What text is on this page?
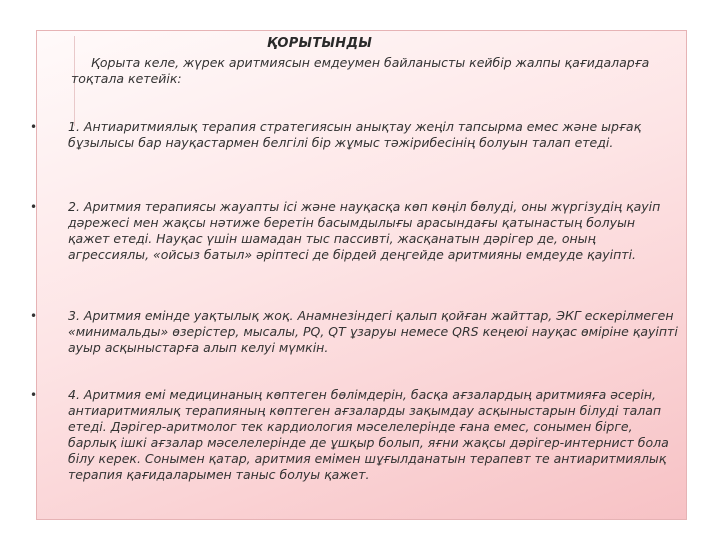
ҚОРЫТЫНДЫ
Қорыта келе, жүрек аритмиясын емдеумен байланысты кейбір жалпы қағидаларға тоқтала кетейік:
• 1. Антиаритмиялық терапия стратегиясын анықтау жеңіл тапсырма емес және ырғақ бұзылысы бар науқастармен белгілі бір жұмыс тәжірибесінің болуын талап етеді.
• 2. Аритмия терапиясы жауапты ісі және науқасқа көп көңіл бөлуді, оны жүргізудің қауіп дәрежесі мен жақсы нәтиже беретін басымдылығы арасындағы қатынастың болуын қажет етеді. Науқас үшін шамадан тыс пассивті, жасқанатын дәрігер де, оның агрессиялы, «ойсыз батыл» әріптесі де бірдей деңгейде аритмияны емдеуде қауіпті.
• 3. Аритмия емінде уақтылық жоқ. Анамнезіндегі қалып қойған жайттар, ЭКГ ескерілмеген «минимальды» өзерістер, мысалы, PQ, QT ұзаруы немесе QRS кеңеюі науқас өміріне қауіпті ауыр асқыныстарға алып келуі мүмкін.
• 4. Аритмия емі медицинаның көптеген бөлімдерін, басқа ағзалардың аритмияға әсерін, антиаритмиялық терапияның көптеген ағзаларды зақымдау асқыныстарын білуді талап етеді. Дәрігер-аритмолог тек кардиология мәселелерінде ғана емес, сонымен бірге, барлық ішкі ағзалар мәселелерінде де ұшқыр болып, яғни жақсы дәрігер-интернист бола білу керек. Сонымен қатар, аритмия емімен шұғылданатын терапевт те антиаритмиялық терапия қағидаларымен таныс болуы қажет.
